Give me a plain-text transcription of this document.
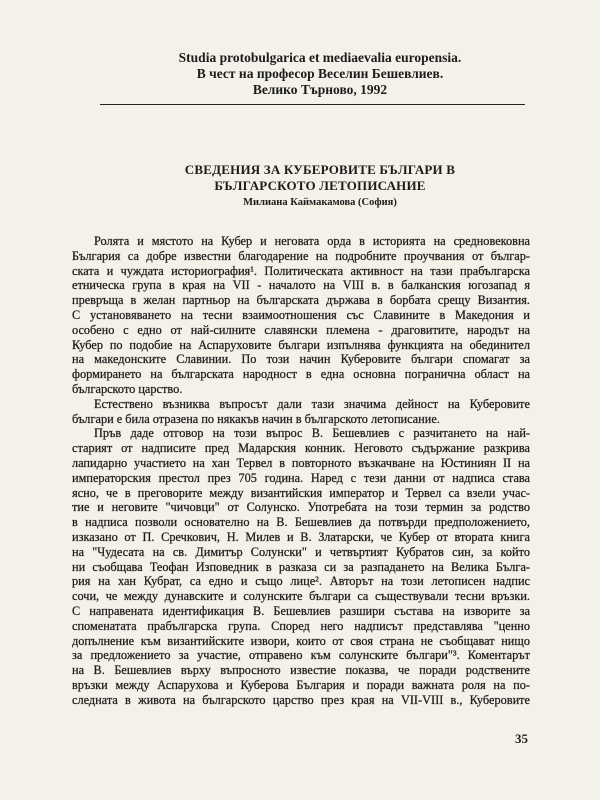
Studia protobulgarica et mediaevalia europensia.
В чест на професор Веселин Бешевлиев.
Велико Търново, 1992
СВЕДЕНИЯ ЗА КУБЕРОВИТЕ БЪЛГАРИ В
БЪЛГАРСКОТО ЛЕТОПИСАНИЕ
Милиана Каймакамова (София)
Ролята и мястото на Кубер и неговата орда в историята на средновековна
България са добре известни благодарение на подробните проучвания от българ-
ската и чуждата историография¹. Политическата активност на тази прабългарска
етническа група в края на VII - началото на VIII в. в балканския югозапад я
превръща в желан партньор на българската държава в борбата срещу Византия.
С установяването на тесни взаимоотношения със Славините в Македония и
особено с едно от най-силните славянски племена - драговитите, народът на
Кубер по подобие на Аспаруховите българи изпълнява функцията на обединител
на македонските Славинии. По този начин Куберовите българи спомагат за
формирането на българската народност в една основна погранична област на
българското царство.
Естествено възниква въпросът дали тази значима дейност на Куберовите
българи е била отразена по някакъв начин в българското летописание.
Пръв даде отговор на този въпрос В. Бешевлиев с разчитането на най-
старият от надписите пред Мадарския конник. Неговото съдържание разкрива
лапидарно участието на хан Тервел в повторното възкачване на Юстиниян II на
императорския престол през 705 година. Наред с тези данни от надписа става
ясно, че в преговорите между византийския император и Тервел са взели учас-
тие и неговите "чичовци" от Солунско. Употребата на този термин за родство
в надписа позволи основателно на В. Бешевлиев да потвърди предположението,
изказано от П. Сречкович, Н. Милев и В. Златарски, че Кубер от втората книга
на "Чудесата на св. Димитър Солунски" и четвъртият Кубратов син, за който
ни съобщава Теофан Изповедник в разказа си за разпадането на Велика Бълга-
рия на хан Кубрат, са едно и също лице². Авторът на този летописен надпис
сочи, че между дунавските и солунските българи са съществували тесни връзки.
С направената идентификация В. Бешевлиев разшири състава на изворите за
споменатата прабългарска група. Според него надписът представлява "ценно
допълнение към византийските извори, които от своя страна не съобщават нищо
за предложението за участие, отправено към солунските българи"³. Коментарът
на В. Бешевлиев върху въпросното известие показва, че поради родствените
връзки между Аспарухова и Куберова България и поради важната роля на по-
следната в живота на българското царство през края на VII-VIII в., Куберовите
35
